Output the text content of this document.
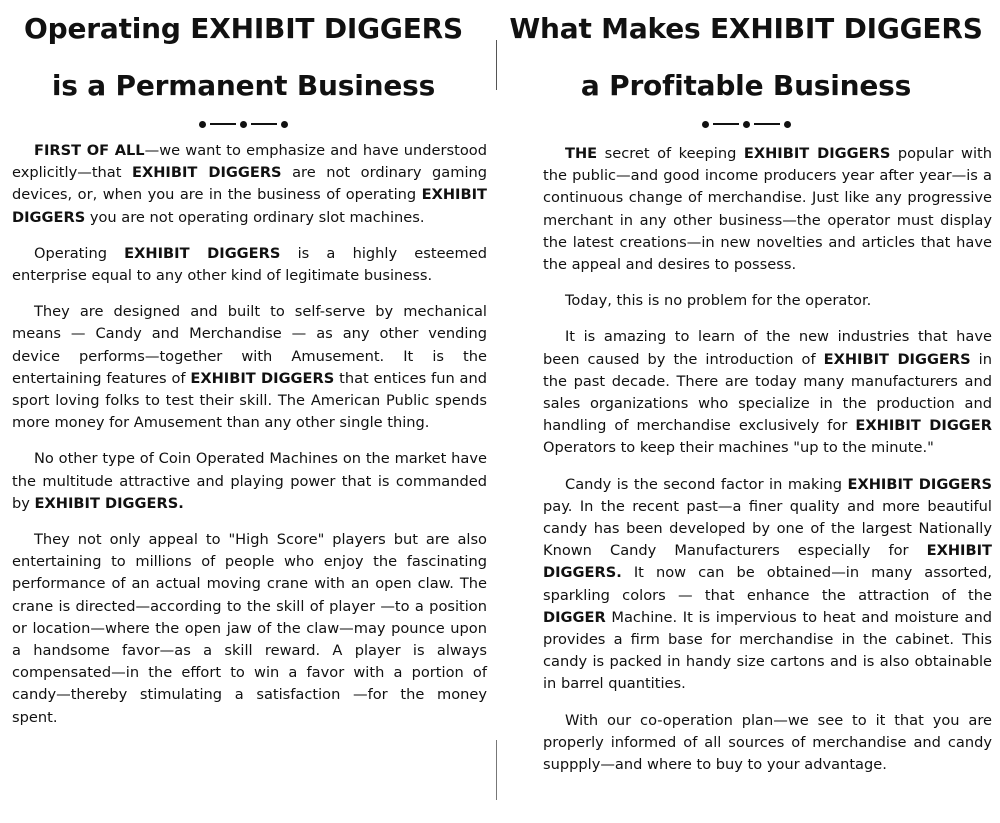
Operating EXHIBIT DIGGERS
is a Permanent Business

FIRST OF ALL—we want to emphasize and have understood explicitly—that EXHIBIT DIGGERS are not ordinary gaming devices, or, when you are in the business of operating EXHIBIT DIGGERS you are not operating ordinary slot machines.

Operating EXHIBIT DIGGERS is a highly esteemed enterprise equal to any other kind of legitimate business.

They are designed and built to self-serve by mechanical means — Candy and Merchandise — as any other vending device performs—together with Amusement. It is the entertaining features of EXHIBIT DIGGERS that entices fun and sport loving folks to test their skill. The American Public spends more money for Amusement than any other single thing.

No other type of Coin Operated Machines on the market have the multitude attractive and playing power that is commanded by EXHIBIT DIGGERS.

They not only appeal to "High Score" players but are also entertaining to millions of people who enjoy the fascinating performance of an actual moving crane with an open claw. The crane is directed—according to the skill of player —to a position or location—where the open jaw of the claw—may pounce upon a handsome favor—as a skill reward. A player is always compensated—in the effort to win a favor with a portion of candy—thereby stimulating a satisfaction —for the money spent.

What Makes EXHIBIT DIGGERS
a Profitable Business

THE secret of keeping EXHIBIT DIGGERS popular with the public—and good income producers year after year—is a continuous change of merchandise. Just like any progressive merchant in any other business—the operator must display the latest creations—in new novelties and articles that have the appeal and desires to possess.

Today, this is no problem for the operator.

It is amazing to learn of the new industries that have been caused by the introduction of EXHIBIT DIGGERS in the past decade. There are today many manufacturers and sales organizations who specialize in the production and handling of merchandise exclusively for EXHIBIT DIGGER Operators to keep their machines "up to the minute."

Candy is the second factor in making EXHIBIT DIGGERS pay. In the recent past—a finer quality and more beautiful candy has been developed by one of the largest Nationally Known Candy Manufacturers especially for EXHIBIT DIGGERS. It now can be obtained—in many assorted, sparkling colors — that enhance the attraction of the DIGGER Machine. It is impervious to heat and moisture and provides a firm base for merchandise in the cabinet. This candy is packed in handy size cartons and is also obtainable in barrel quantities.

With our co-operation plan—we see to it that you are properly informed of all sources of merchandise and candy suppply—and where to buy to your advantage.
